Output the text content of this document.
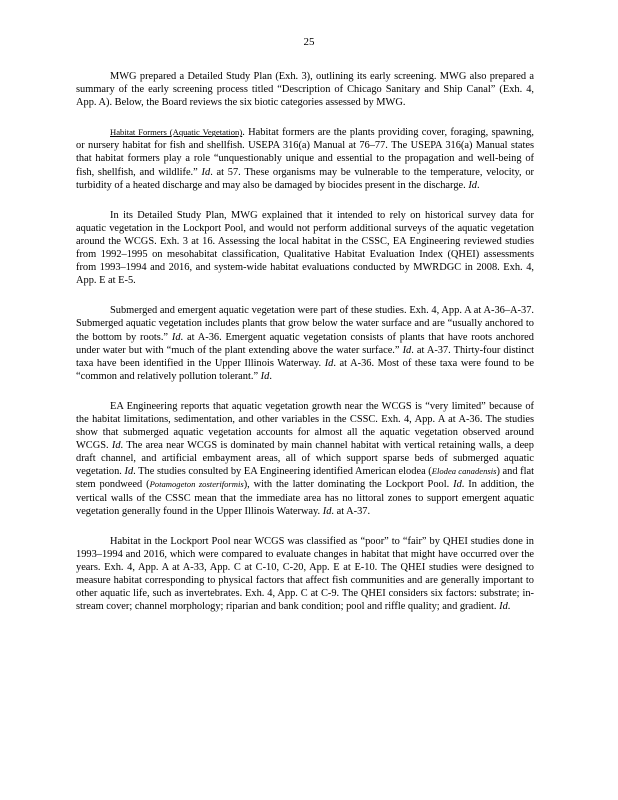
25

MWG prepared a Detailed Study Plan (Exh. 3), outlining its early screening. MWG also prepared a summary of the early screening process titled “Description of Chicago Sanitary and Ship Canal” (Exh. 4, App. A). Below, the Board reviews the six biotic categories assessed by MWG.

Habitat Formers (Aquatic Vegetation). Habitat formers are the plants providing cover, foraging, spawning, or nursery habitat for fish and shellfish. USEPA 316(a) Manual at 76–77. The USEPA 316(a) Manual states that habitat formers play a role “unquestionably unique and essential to the propagation and well-being of fish, shellfish, and wildlife.” Id. at 57. These organisms may be vulnerable to the temperature, velocity, or turbidity of a heated discharge and may also be damaged by biocides present in the discharge. Id.

In its Detailed Study Plan, MWG explained that it intended to rely on historical survey data for aquatic vegetation in the Lockport Pool, and would not perform additional surveys of the aquatic vegetation around the WCGS. Exh. 3 at 16. Assessing the local habitat in the CSSC, EA Engineering reviewed studies from 1992–1995 on mesohabitat classification, Qualitative Habitat Evaluation Index (QHEI) assessments from 1993–1994 and 2016, and system-wide habitat evaluations conducted by MWRDGC in 2008. Exh. 4, App. E at E-5.

Submerged and emergent aquatic vegetation were part of these studies. Exh. 4, App. A at A-36–A-37. Submerged aquatic vegetation includes plants that grow below the water surface and are “usually anchored to the bottom by roots.” Id. at A-36. Emergent aquatic vegetation consists of plants that have roots anchored under water but with “much of the plant extending above the water surface.” Id. at A-37. Thirty-four distinct taxa have been identified in the Upper Illinois Waterway. Id. at A-36. Most of these taxa were found to be “common and relatively pollution tolerant.” Id.

EA Engineering reports that aquatic vegetation growth near the WCGS is “very limited” because of the habitat limitations, sedimentation, and other variables in the CSSC. Exh. 4, App. A at A-36. The studies show that submerged aquatic vegetation accounts for almost all the aquatic vegetation observed around WCGS. Id. The area near WCGS is dominated by main channel habitat with vertical retaining walls, a deep draft channel, and artificial embayment areas, all of which support sparse beds of submerged aquatic vegetation. Id. The studies consulted by EA Engineering identified American elodea (Elodea canadensis) and flat stem pondweed (Potamogeton zosteriformis), with the latter dominating the Lockport Pool. Id. In addition, the vertical walls of the CSSC mean that the immediate area has no littoral zones to support emergent aquatic vegetation generally found in the Upper Illinois Waterway. Id. at A-37.

Habitat in the Lockport Pool near WCGS was classified as “poor” to “fair” by QHEI studies done in 1993–1994 and 2016, which were compared to evaluate changes in habitat that might have occurred over the years. Exh. 4, App. A at A-33, App. C at C-10, C-20, App. E at E-10. The QHEI studies were designed to measure habitat corresponding to physical factors that affect fish communities and are generally important to other aquatic life, such as invertebrates. Exh. 4, App. C at C-9. The QHEI considers six factors: substrate; in-stream cover; channel morphology; riparian and bank condition; pool and riffle quality; and gradient. Id.
